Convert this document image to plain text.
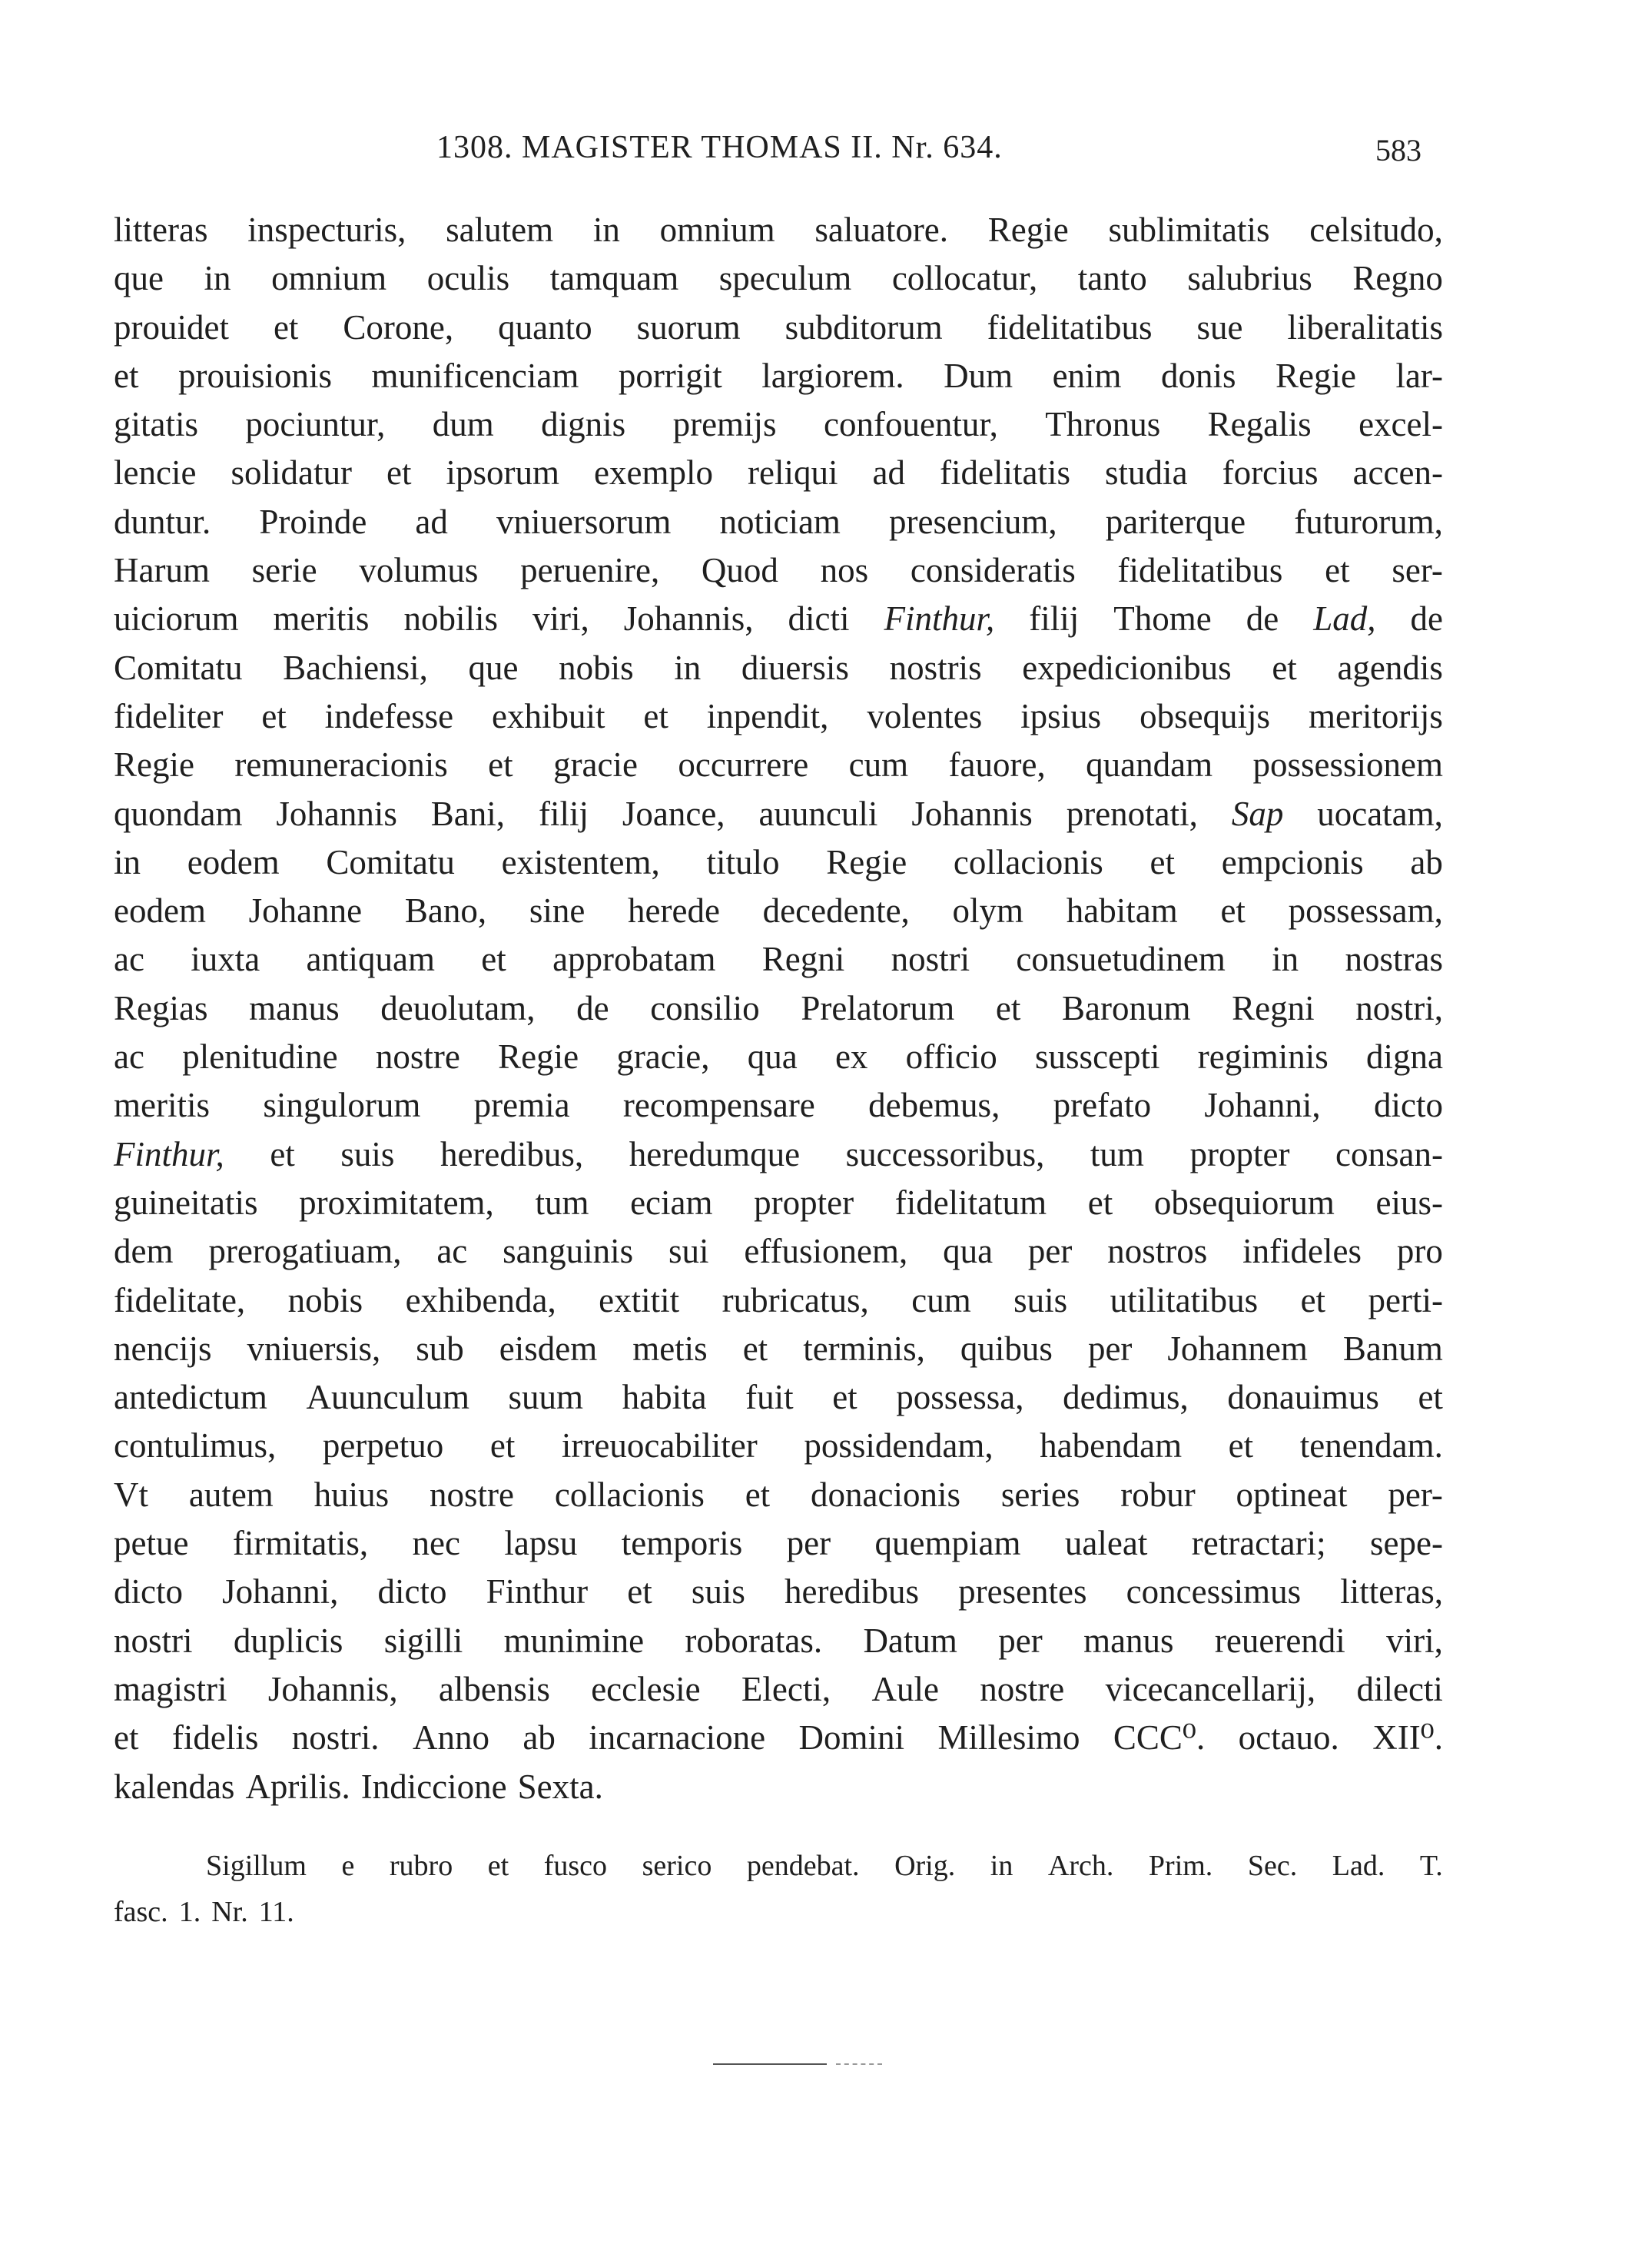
1308. MAGISTER THOMAS II. Nr. 634.	583
litteras inspecturis, salutem in omnium saluatore. Regie sublimitatis celsitudo,
que in omnium oculis tamquam speculum collocatur, tanto salubrius Regno
prouidet et Corone, quanto suorum subditorum fidelitatibus sue liberalitatis
et prouisionis munificenciam porrigit largiorem. Dum enim donis Regie lar-
gitatis pociuntur, dum dignis premijs confouentur, Thronus Regalis excel-
lencie solidatur et ipsorum exemplo reliqui ad fidelitatis studia forcius accen-
duntur. Proinde ad vniuersorum noticiam presencium, pariterque futurorum,
Harum serie volumus peruenire, Quod nos consideratis fidelitatibus et ser-
uiciorum meritis nobilis viri, Johannis, dicti Finthur, filij Thome de Lad, de
Comitatu Bachiensi, que nobis in diuersis nostris expedicionibus et agendis
fideliter et indefesse exhibuit et inpendit, volentes ipsius obsequijs meritorijs
Regie remuneracionis et gracie occurrere cum fauore, quandam possessionem
quondam Johannis Bani, filij Joance, auunculi Johannis prenotati, Sap uocatam,
in eodem Comitatu existentem, titulo Regie collacionis et empcionis ab
eodem Johanne Bano, sine herede decedente, olym habitam et possessam,
ac iuxta antiquam et approbatam Regni nostri consuetudinem in nostras
Regias manus deuolutam, de consilio Prelatorum et Baronum Regni nostri,
ac plenitudine nostre Regie gracie, qua ex officio susscepti regiminis digna
meritis singulorum premia recompensare debemus, prefato Johanni, dicto
Finthur, et suis heredibus, heredumque successoribus, tum propter consan-
guineitatis proximitatem, tum eciam propter fidelitatum et obsequiorum eius-
dem prerogatiuam, ac sanguinis sui effusionem, qua per nostros infideles pro
fidelitate, nobis exhibenda, extitit rubricatus, cum suis utilitatibus et perti-
nencijs vniuersis, sub eisdem metis et terminis, quibus per Johannem Banum
antedictum Auunculum suum habita fuit et possessa, dedimus, donauimus et
contulimus, perpetuo et irreuocabiliter possidendam, habendam et tenendam.
Vt autem huius nostre collacionis et donacionis series robur optineat per-
petue firmitatis, nec lapsu temporis per quempiam ualeat retractari; sepe-
dicto Johanni, dicto Finthur et suis heredibus presentes concessimus litteras,
nostri duplicis sigilli munimine roboratas. Datum per manus reuerendi viri,
magistri Johannis, albensis ecclesie Electi, Aule nostre vicecancellarij, dilecti
et fidelis nostri. Anno ab incarnacione Domini Millesimo CCC⁰. octauo. XII⁰.
kalendas Aprilis. Indiccione Sexta.
Sigillum e rubro et fusco serico pendebat. Orig. in Arch. Prim. Sec. Lad. T.
fasc. 1. Nr. 11.
